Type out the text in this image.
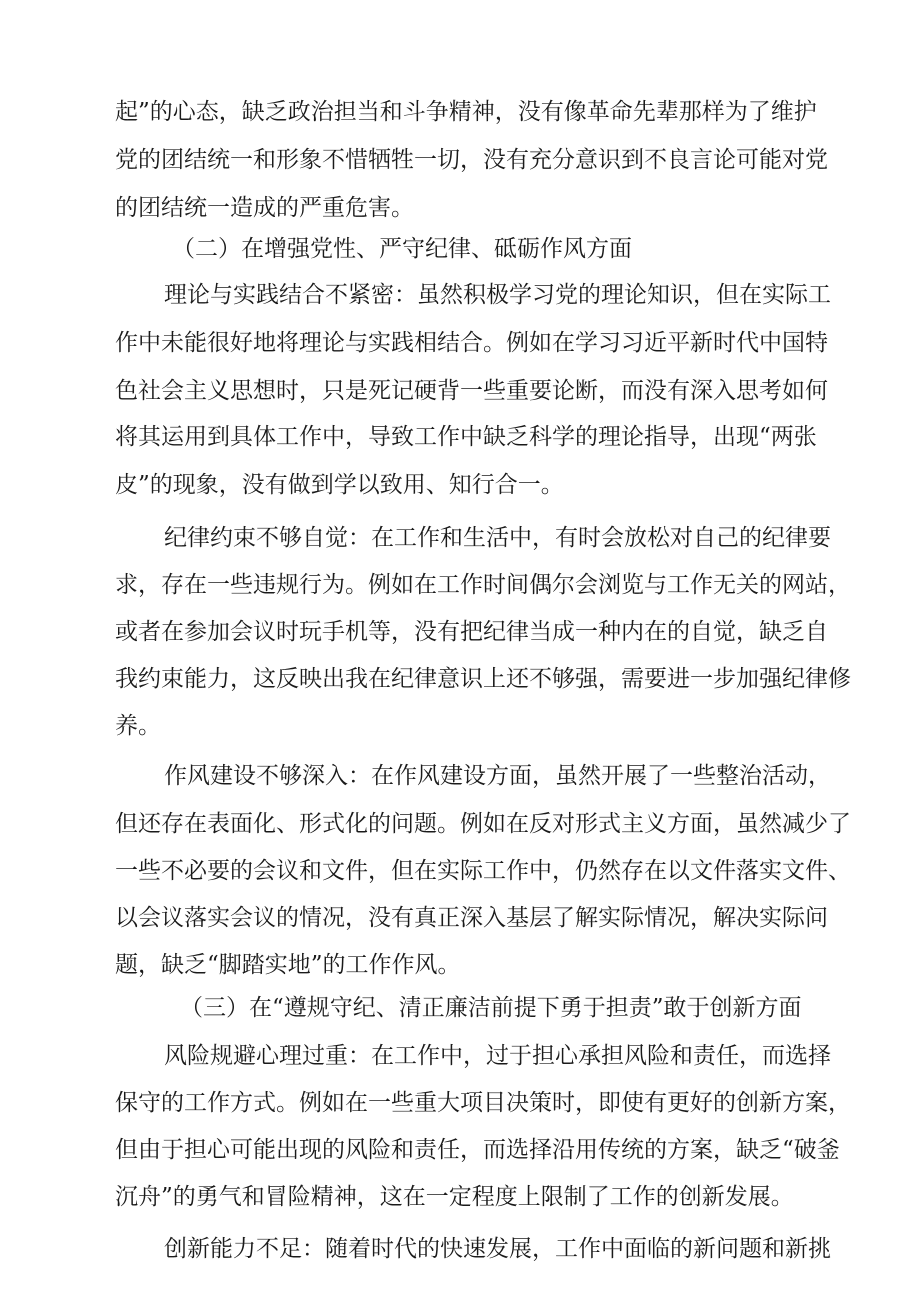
起”的心态，缺乏政治担当和斗争精神，没有像革命先辈那样为了维护
党的团结统一和形象不惜牺牲一切，没有充分意识到不良言论可能对党
的团结统一造成的严重危害。
（二）在增强党性、严守纪律、砥砺作风方面
理论与实践结合不紧密：虽然积极学习党的理论知识，但在实际工
作中未能很好地将理论与实践相结合。例如在学习习近平新时代中国特
色社会主义思想时，只是死记硬背一些重要论断，而没有深入思考如何
将其运用到具体工作中，导致工作中缺乏科学的理论指导，出现“两张
皮”的现象，没有做到学以致用、知行合一。
纪律约束不够自觉：在工作和生活中，有时会放松对自己的纪律要
求，存在一些违规行为。例如在工作时间偶尔会浏览与工作无关的网站，
或者在参加会议时玩手机等，没有把纪律当成一种内在的自觉，缺乏自
我约束能力，这反映出我在纪律意识上还不够强，需要进一步加强纪律修
养。
作风建设不够深入：在作风建设方面，虽然开展了一些整治活动，
但还存在表面化、形式化的问题。例如在反对形式主义方面，虽然减少了
一些不必要的会议和文件，但在实际工作中，仍然存在以文件落实文件、
以会议落实会议的情况，没有真正深入基层了解实际情况，解决实际问
题，缺乏“脚踏实地”的工作作风。
（三）在“遵规守纪、清正廉洁前提下勇于担责”敢于创新方面
风险规避心理过重：在工作中，过于担心承担风险和责任，而选择
保守的工作方式。例如在一些重大项目决策时，即使有更好的创新方案，
但由于担心可能出现的风险和责任，而选择沿用传统的方案，缺乏“破釜
沉舟”的勇气和冒险精神，这在一定程度上限制了工作的创新发展。
创新能力不足：随着时代的快速发展，工作中面临的新问题和新挑
